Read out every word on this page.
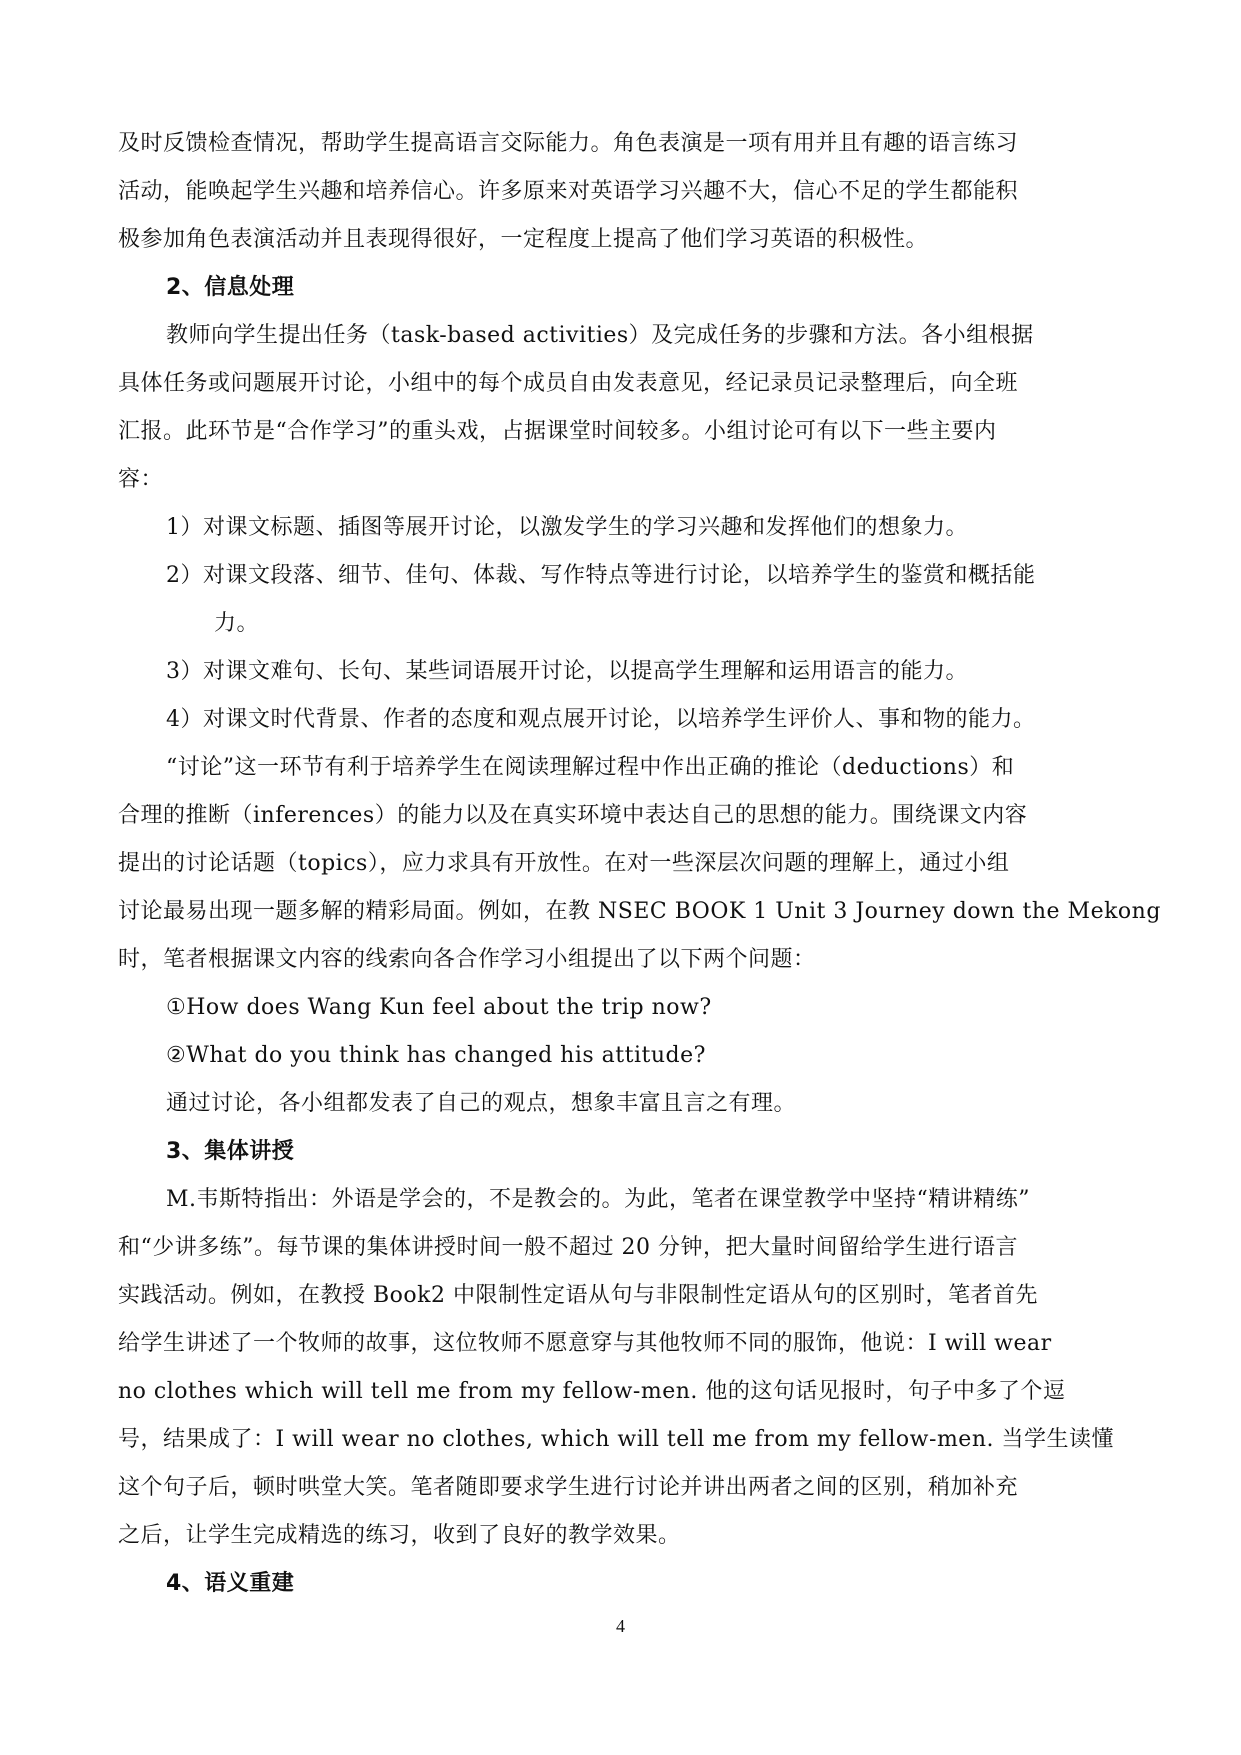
及时反馈检查情况，帮助学生提高语言交际能力。角色表演是一项有用并且有趣的语言练习
活动，能唤起学生兴趣和培养信心。许多原来对英语学习兴趣不大，信心不足的学生都能积
极参加角色表演活动并且表现得很好，一定程度上提高了他们学习英语的积极性。
2、信息处理
教师向学生提出任务（task-based activities）及完成任务的步骤和方法。各小组根据
具体任务或问题展开讨论，小组中的每个成员自由发表意见，经记录员记录整理后，向全班
汇报。此环节是“合作学习”的重头戏，占据课堂时间较多。小组讨论可有以下一些主要内
容：
1）对课文标题、插图等展开讨论，以激发学生的学习兴趣和发挥他们的想象力。
2）对课文段落、细节、佳句、体裁、写作特点等进行讨论，以培养学生的鉴赏和概括能
力。
3）对课文难句、长句、某些词语展开讨论，以提高学生理解和运用语言的能力。
4）对课文时代背景、作者的态度和观点展开讨论，以培养学生评价人、事和物的能力。
“讨论”这一环节有利于培养学生在阅读理解过程中作出正确的推论（deductions）和
合理的推断（inferences）的能力以及在真实环境中表达自己的思想的能力。围绕课文内容
提出的讨论话题（topics），应力求具有开放性。在对一些深层次问题的理解上，通过小组
讨论最易出现一题多解的精彩局面。例如，在教 NSEC BOOK 1 Unit 3 Journey down the Mekong
时，笔者根据课文内容的线索向各合作学习小组提出了以下两个问题：
①How does Wang Kun feel about the trip now?
②What do you think has changed his attitude?
通过讨论，各小组都发表了自己的观点，想象丰富且言之有理。
3、集体讲授
M.韦斯特指出：外语是学会的，不是教会的。为此，笔者在课堂教学中坚持“精讲精练”
和“少讲多练”。每节课的集体讲授时间一般不超过 20 分钟，把大量时间留给学生进行语言
实践活动。例如，在教授 Book2 中限制性定语从句与非限制性定语从句的区别时，笔者首先
给学生讲述了一个牧师的故事，这位牧师不愿意穿与其他牧师不同的服饰，他说：I will wear
no clothes which will tell me from my fellow-men. 他的这句话见报时，句子中多了个逗
号，结果成了：I will wear no clothes, which will tell me from my fellow-men. 当学生读懂
这个句子后，顿时哄堂大笑。笔者随即要求学生进行讨论并讲出两者之间的区别，稍加补充
之后，让学生完成精选的练习，收到了良好的教学效果。
4、语义重建
4
